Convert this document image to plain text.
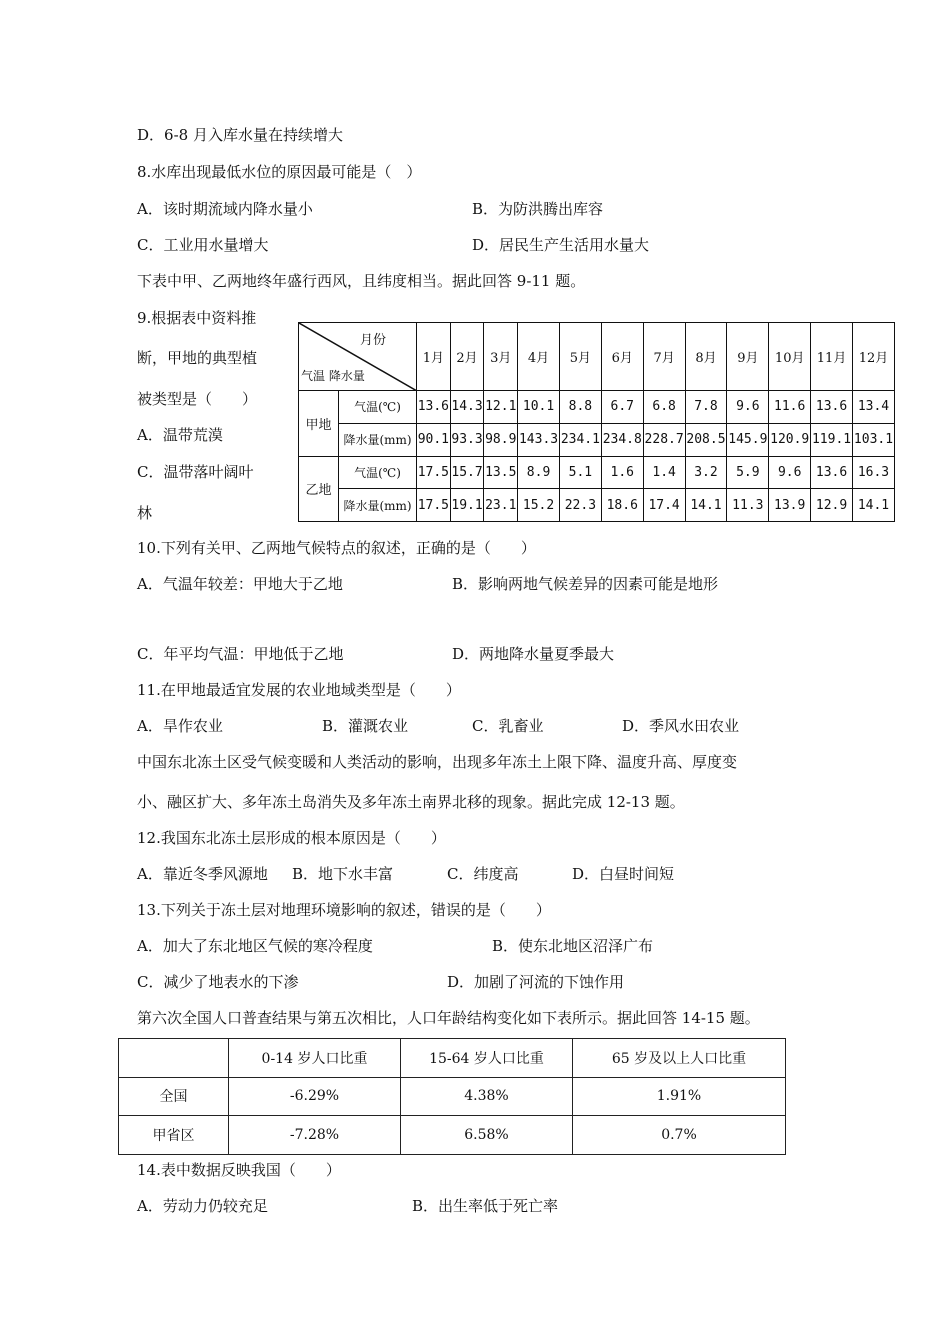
D．6-8 月入库水量在持续增大
8.水库出现最低水位的原因最可能是（　）
A．该时期流域内降水量小	B．为防洪腾出库容
C．工业用水量增大	D．居民生产生活用水量大
下表中甲、乙两地终年盛行西风，且纬度相当。据此回答 9-11 题。
9.根据表中资料推
断，甲地的典型植
被类型是（　　）
A．温带荒漠
C．温带落叶阔叶
林
月份
气温 降水量		1月	2月	3月	4月	5月	6月	7月	8月	9月	10月	11月	12月
甲地	气温(℃)	13.6	14.3	12.1	10.1	8.8	6.7	6.8	7.8	9.6	11.6	13.6	13.4
	降水量(mm)	90.1	93.3	98.9	143.3	234.1	234.8	228.7	208.5	145.9	120.9	119.1	103.1
乙地	气温(℃)	17.5	15.7	13.5	8.9	5.1	1.6	1.4	3.2	5.9	9.6	13.6	16.3
	降水量(mm)	17.5	19.1	23.1	15.2	22.3	18.6	17.4	14.1	11.3	13.9	12.9	14.1
10.下列有关甲、乙两地气候特点的叙述，正确的是（　　）
A．气温年较差：甲地大于乙地	B．影响两地气候差异的因素可能是地形
C．年平均气温：甲地低于乙地	D．两地降水量夏季最大
11.在甲地最适宜发展的农业地域类型是（　　）
A．旱作农业	B．灌溉农业	C．乳畜业	D．季风水田农业
中国东北冻土区受气候变暖和人类活动的影响，出现多年冻土上限下降、温度升高、厚度变
小、融区扩大、多年冻土岛消失及多年冻土南界北移的现象。据此完成 12-13 题。
12.我国东北冻土层形成的根本原因是（　　）
A．靠近冬季风源地 B．地下水丰富	C．纬度高	D．白昼时间短
13.下列关于冻土层对地理环境影响的叙述，错误的是（　　）
A．加大了东北地区气候的寒冷程度	B．使东北地区沼泽广布
C．减少了地表水的下渗	D．加剧了河流的下蚀作用
第六次全国人口普查结果与第五次相比，人口年龄结构变化如下表所示。据此回答 14-15 题。
	0-14 岁人口比重	15-64 岁人口比重	65 岁及以上人口比重
全国	-6.29%	4.38%	1.91%
甲省区	-7.28%	6.58%	0.7%
14.表中数据反映我国（　　）
A．劳动力仍较充足	B．出生率低于死亡率
